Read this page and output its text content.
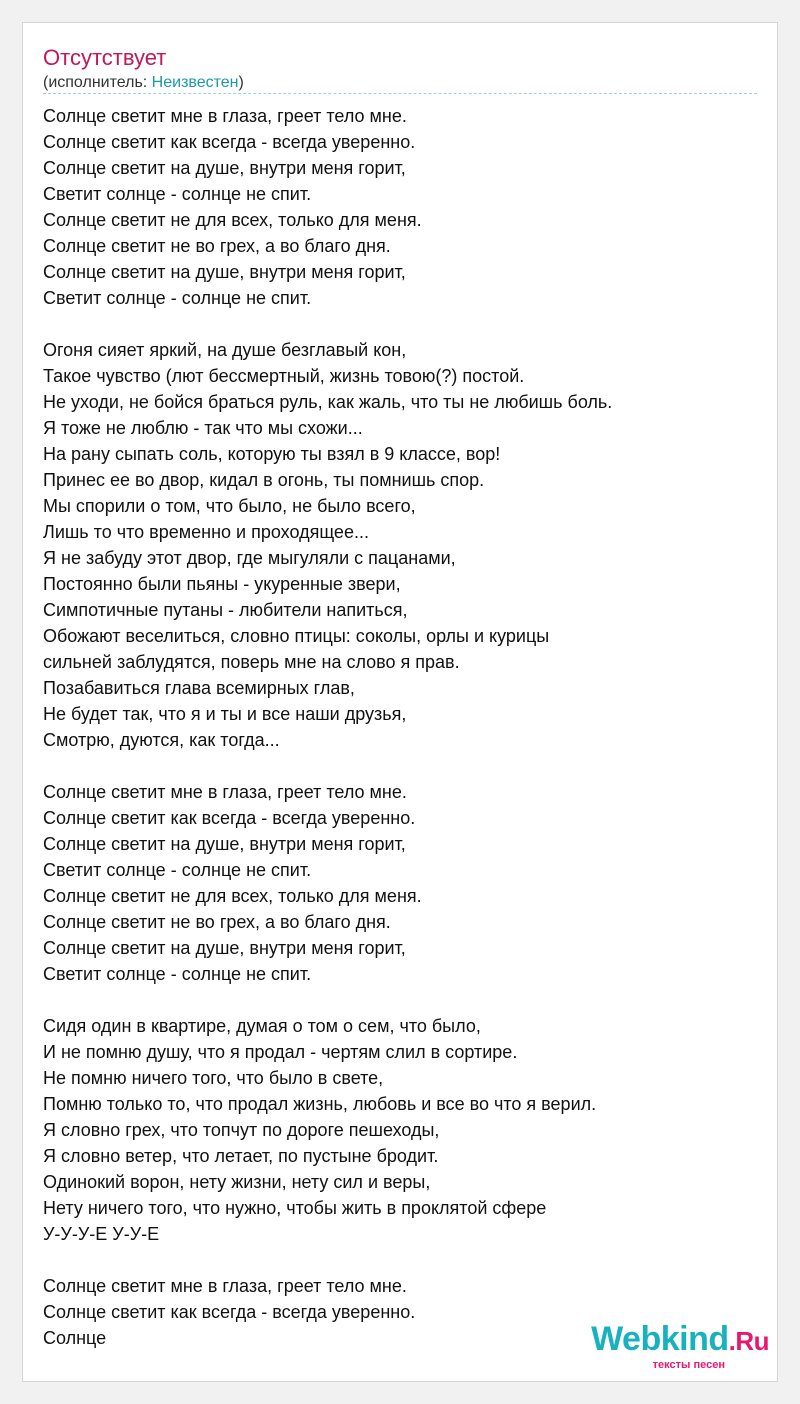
Отсутствует
(исполнитель: Неизвестен)
Солнце светит мне в глаза, греет тело мне.
Солнце светит как всегда - всегда уверенно.
Солнце светит на душе, внутри меня горит,
Светит солнце - солнце не спит.
Солнце светит не для всех, только для меня.
Солнце светит не во грех, а во благо дня.
Солнце светит на душе, внутри меня горит,
Светит солнце - солнце не спит.
Огоня сияет яркий, на душе безглавый кон,
Такое чувство (лют бессмертный, жизнь товою(?) постой.
Не уходи, не бойся браться руль, как жаль, что ты не любишь боль.
Я тоже не люблю - так что мы схожи...
На рану сыпать соль, которую ты взял в 9 классе, вор!
Принес ее во двор, кидал в огонь, ты помнишь спор.
Мы спорили о том, что было, не было всего,
Лишь то что временно и проходящее...
Я не забуду этот двор, где мыгуляли с пацанами,
Постоянно были пьяны - укуренные звери,
Симпотичные путаны - любители напиться,
Обожают веселиться, словно птицы: соколы, орлы и курицы
сильней заблудятся, поверь мне на слово я прав.
Позабавиться глава всемирных глав,
Не будет так, что я и ты и все наши друзья,
Смотрю, дуются, как тогда...
Солнце светит мне в глаза, греет тело мне.
Солнце светит как всегда - всегда уверенно.
Солнце светит на душе, внутри меня горит,
Светит солнце - солнце не спит.
Солнце светит не для всех, только для меня.
Солнце светит не во грех, а во благо дня.
Солнце светит на душе, внутри меня горит,
Светит солнце - солнце не спит.
Сидя один в квартире, думая о том о сем, что было,
И не помню душу, что я продал - чертям слил в сортире.
Не помню ничего того, что было в свете,
Помню только то, что продал жизнь, любовь и все во что я верил.
Я словно грех, что топчут по дороге пешеходы,
Я словно ветер, что летает, по пустыне бродит.
Одинокий ворон, нету жизни, нету сил и веры,
Нету ничего того, что нужно, чтобы жить в проклятой сфере
У-У-У-Е У-У-Е
Солнце светит мне в глаза, греет тело мне.
Солнце светит как всегда - всегда уверенно.
Солнце	Webkind.Ru
тексты песен
